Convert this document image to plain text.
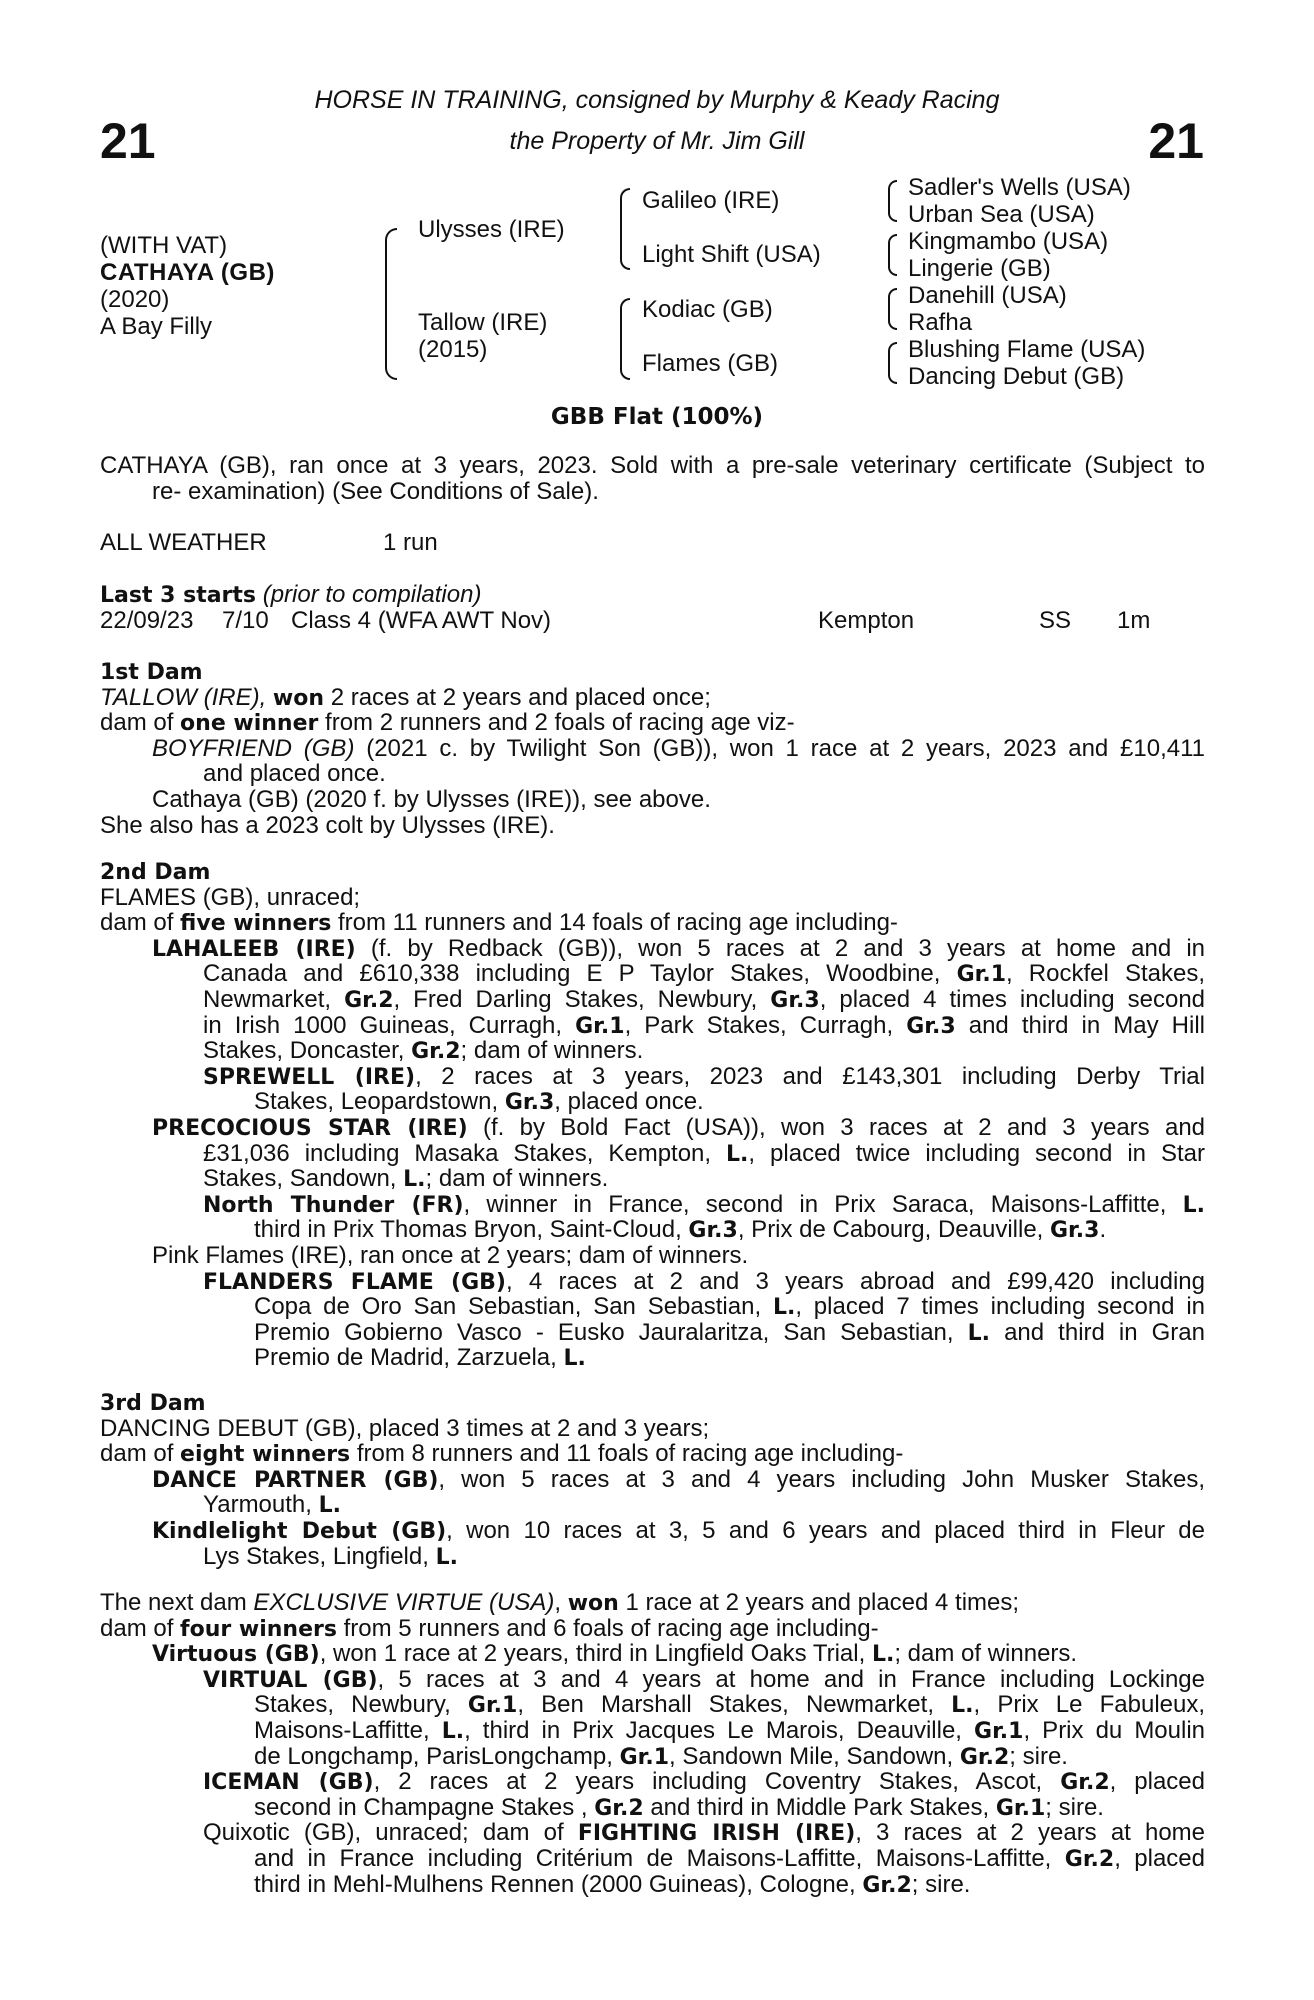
21	21
HORSE IN TRAINING, consigned by Murphy & Keady Racing
the Property of Mr. Jim Gill
(WITH VAT)
CATHAYA (GB)
(2020)
A Bay Filly
Ulysses (IRE)
Tallow (IRE)
(2015)
Galileo (IRE)
Light Shift (USA)
Kodiac (GB)
Flames (GB)
Sadler's Wells (USA)
Urban Sea (USA)
Kingmambo (USA)
Lingerie (GB)
Danehill (USA)
Rafha
Blushing Flame (USA)
Dancing Debut (GB)
GBB Flat (100%)
CATHAYA (GB), ran once at 3 years, 2023. Sold with a pre-sale veterinary certificate (Subject to
re- examination) (See Conditions of Sale).
ALL WEATHER	1 run
Last 3 starts (prior to compilation)
22/09/23 7/10 Class 4 (WFA AWT Nov)	Kempton	SS 1m
1st Dam
TALLOW (IRE), won 2 races at 2 years and placed once;
dam of one winner from 2 runners and 2 foals of racing age viz-
BOYFRIEND (GB) (2021 c. by Twilight Son (GB)), won 1 race at 2 years, 2023 and £10,411
and placed once.
Cathaya (GB) (2020 f. by Ulysses (IRE)), see above.
She also has a 2023 colt by Ulysses (IRE).
2nd Dam
FLAMES (GB), unraced;
dam of five winners from 11 runners and 14 foals of racing age including-
LAHALEEB (IRE) (f. by Redback (GB)), won 5 races at 2 and 3 years at home and in
Canada and £610,338 including E P Taylor Stakes, Woodbine, Gr.1, Rockfel Stakes,
Newmarket, Gr.2, Fred Darling Stakes, Newbury, Gr.3, placed 4 times including second
in Irish 1000 Guineas, Curragh, Gr.1, Park Stakes, Curragh, Gr.3 and third in May Hill
Stakes, Doncaster, Gr.2; dam of winners.
SPREWELL (IRE), 2 races at 3 years, 2023 and £143,301 including Derby Trial
Stakes, Leopardstown, Gr.3, placed once.
PRECOCIOUS STAR (IRE) (f. by Bold Fact (USA)), won 3 races at 2 and 3 years and
£31,036 including Masaka Stakes, Kempton, L., placed twice including second in Star
Stakes, Sandown, L.; dam of winners.
North Thunder (FR), winner in France, second in Prix Saraca, Maisons-Laffitte, L.
third in Prix Thomas Bryon, Saint-Cloud, Gr.3, Prix de Cabourg, Deauville, Gr.3.
Pink Flames (IRE), ran once at 2 years; dam of winners.
FLANDERS FLAME (GB), 4 races at 2 and 3 years abroad and £99,420 including
Copa de Oro San Sebastian, San Sebastian, L., placed 7 times including second in
Premio Gobierno Vasco - Eusko Jauralaritza, San Sebastian, L. and third in Gran
Premio de Madrid, Zarzuela, L.
3rd Dam
DANCING DEBUT (GB), placed 3 times at 2 and 3 years;
dam of eight winners from 8 runners and 11 foals of racing age including-
DANCE PARTNER (GB), won 5 races at 3 and 4 years including John Musker Stakes,
Yarmouth, L.
Kindlelight Debut (GB), won 10 races at 3, 5 and 6 years and placed third in Fleur de
Lys Stakes, Lingfield, L.
The next dam EXCLUSIVE VIRTUE (USA), won 1 race at 2 years and placed 4 times;
dam of four winners from 5 runners and 6 foals of racing age including-
Virtuous (GB), won 1 race at 2 years, third in Lingfield Oaks Trial, L.; dam of winners.
VIRTUAL (GB), 5 races at 3 and 4 years at home and in France including Lockinge
Stakes, Newbury, Gr.1, Ben Marshall Stakes, Newmarket, L., Prix Le Fabuleux,
Maisons-Laffitte, L., third in Prix Jacques Le Marois, Deauville, Gr.1, Prix du Moulin
de Longchamp, ParisLongchamp, Gr.1, Sandown Mile, Sandown, Gr.2; sire.
ICEMAN (GB), 2 races at 2 years including Coventry Stakes, Ascot, Gr.2, placed
second in Champagne Stakes , Gr.2 and third in Middle Park Stakes, Gr.1; sire.
Quixotic (GB), unraced; dam of FIGHTING IRISH (IRE), 3 races at 2 years at home
and in France including Critérium de Maisons-Laffitte, Maisons-Laffitte, Gr.2, placed
third in Mehl-Mulhens Rennen (2000 Guineas), Cologne, Gr.2; sire.
